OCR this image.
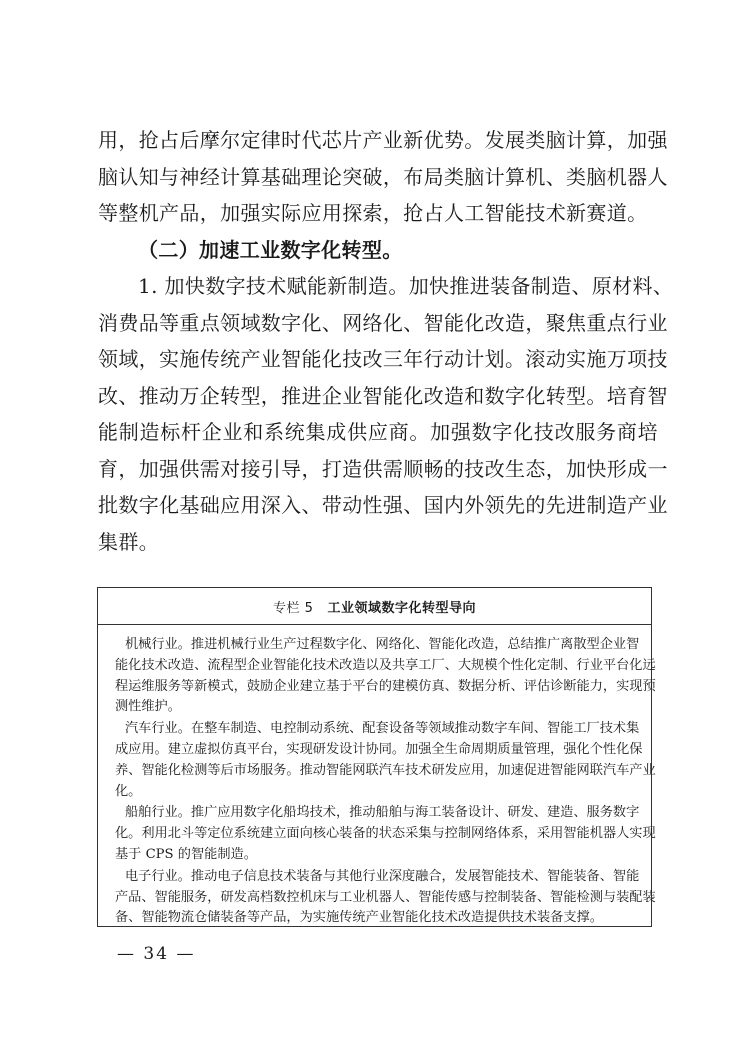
用，抢占后摩尔定律时代芯片产业新优势。发展类脑计算，加强
脑认知与神经计算基础理论突破，布局类脑计算机、类脑机器人
等整机产品，加强实际应用探索，抢占人工智能技术新赛道。

（二）加速工业数字化转型。

1. 加快数字技术赋能新制造。加快推进装备制造、原材料、
消费品等重点领域数字化、网络化、智能化改造，聚焦重点行业
领域，实施传统产业智能化技改三年行动计划。滚动实施万项技
改、推动万企转型，推进企业智能化改造和数字化转型。培育智
能制造标杆企业和系统集成供应商。加强数字化技改服务商培
育，加强供需对接引导，打造供需顺畅的技改生态，加快形成一
批数字化基础应用深入、带动性强、国内外领先的先进制造产业
集群。

专栏 5 工业领域数字化转型导向

机械行业。推进机械行业生产过程数字化、网络化、智能化改造，总结推广离散型企业智
能化技术改造、流程型企业智能化技术改造以及共享工厂、大规模个性化定制、行业平台化远
程运维服务等新模式，鼓励企业建立基于平台的建模仿真、数据分析、评估诊断能力，实现预
测性维护。

汽车行业。在整车制造、电控制动系统、配套设备等领域推动数字车间、智能工厂技术集
成应用。建立虚拟仿真平台，实现研发设计协同。加强全生命周期质量管理，强化个性化保
养、智能化检测等后市场服务。推动智能网联汽车技术研发应用，加速促进智能网联汽车产业
化。

船舶行业。推广应用数字化船坞技术，推动船舶与海工装备设计、研发、建造、服务数字
化。利用北斗等定位系统建立面向核心装备的状态采集与控制网络体系，采用智能机器人实现
基于 CPS 的智能制造。

电子行业。推动电子信息技术装备与其他行业深度融合，发展智能技术、智能装备、智能
产品、智能服务，研发高档数控机床与工业机器人、智能传感与控制装备、智能检测与装配装
备、智能物流仓储装备等产品，为实施传统产业智能化技术改造提供技术装备支撑。

— 34 —
